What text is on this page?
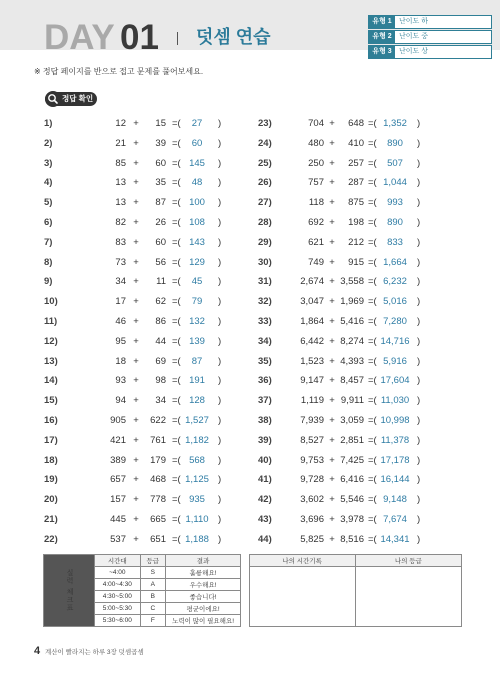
DAY 01 덧셈 연습
유형 1	난이도 하
유형 2	난이도 중
유형 3	난이도 상
※ 정답 페이지를 반으로 접고 문제를 풀어보세요.
정답 확인
1)	12 +	15 =(	27	)
2)	21 +	39 =(	60	)
3)	85 +	60 =( 145	)
4)	13 +	35 =(	48	)
5)	13 +	87 =( 100	)
6)	82 +	26 =( 108	)
7)	83 +	60 =( 143	)
8)	73 +	56 =( 129	)
9)	34 +	11 =(	45	)
10)	17 +	62 =(	79	)
11)	46 +	86 =( 132	)
12)	95 +	44 =( 139	)
13)	18 +	69 =(	87	)
14)	93 +	98 =( 191	)
15)	94 +	34 =( 128	)
16)	905 +	622 =( 1,527 )
17)	421 +	761 =( 1,182 )
18)	389 +	179 =( 568	)
19)	657 +	468 =( 1,125 )
20)	157 +	778 =( 935	)
21)	445 +	665 =( 1,110 )
22)	537 +	651 =( 1,188 )
23)	704 +	648 =( 1,352	)
24)	480 +	410 =(	890	)
25)	250 +	257 =(	507	)
26)	757 +	287 =( 1,044	)
27)	118 +	875 =(	993	)
28)	692 +	198 =(	890	)
29)	621 +	212 =(	833	)
30)	749 +	915 =( 1,664	)
31)	2,674 + 3,558 =( 6,232	)
32)	3,047 + 1,969 =( 5,016	)
33)	1,864 + 5,416 =( 7,280	)
34)	6,442 + 8,274 =( 14,716 )
35)	1,523 + 4,393 =( 5,916	)
36)	9,147 + 8,457 =( 17,604 )
37)	1,119 + 9,911 =( 11,030 )
38)	7,939 + 3,059 =( 10,998 )
39)	8,527 + 2,851 =( 11,378 )
40)	9,753 + 7,425 =( 17,178 )
41)	9,728 + 6,416 =( 16,144 )
42)	3,602 + 5,546 =( 9,148	)
43)	3,696 + 3,978 =( 7,674	)
44)	5,825 + 8,516 =( 14,341 )
실력 체크표	시간대	등급	결과		나의 시간기록	나의 등급
	~4:00	S	훌륭해요!			
	4:00~4:30	A	우수해요!			
	4:30~5:00	B	좋습니다!			
	5:00~5:30	C	평균이에요!			
	5:30~6:00	F	노력이 많이 필요해요!			
4 계산이 빨라지는 하루 3장 덧셈곱셈
